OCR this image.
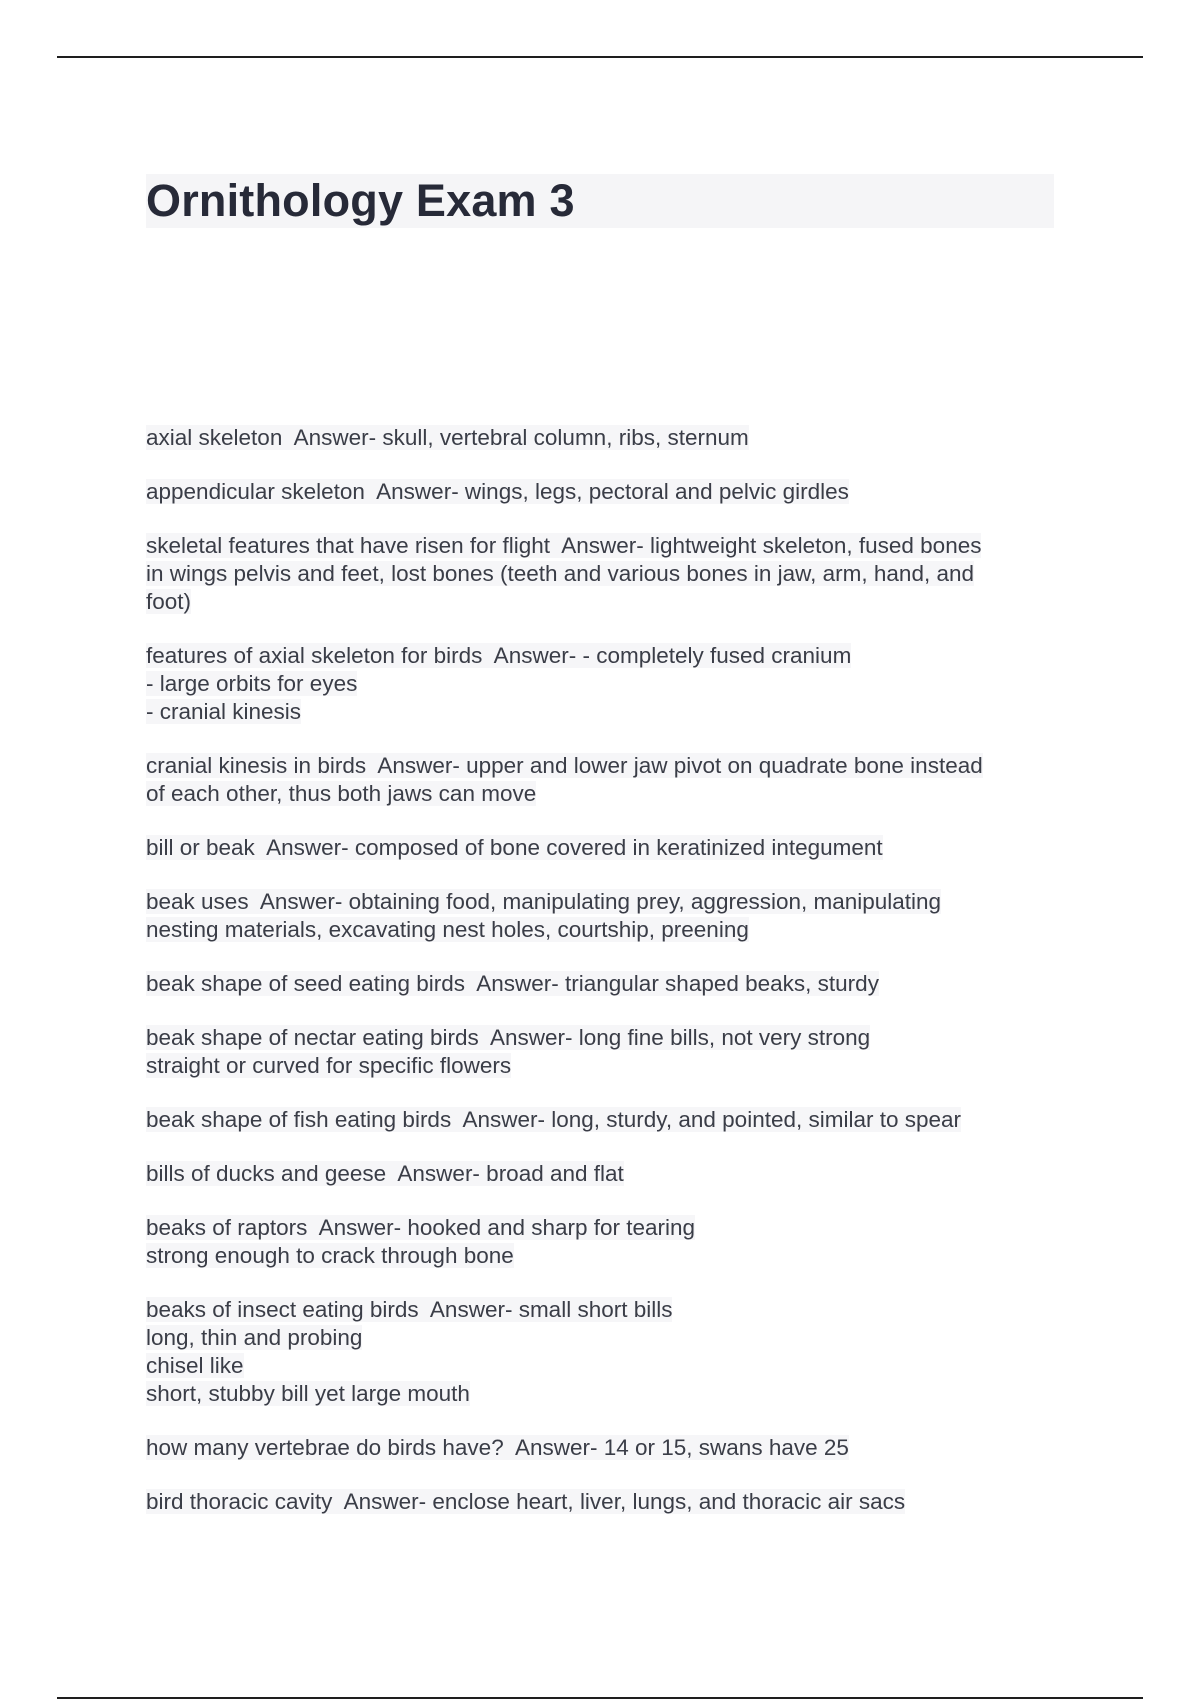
Ornithology Exam 3
axial skeleton  Answer- skull, vertebral column, ribs, sternum
appendicular skeleton  Answer- wings, legs, pectoral and pelvic girdles
skeletal features that have risen for flight  Answer- lightweight skeleton, fused bones
in wings pelvis and feet, lost bones (teeth and various bones in jaw, arm, hand, and
foot)
features of axial skeleton for birds  Answer- - completely fused cranium
- large orbits for eyes
- cranial kinesis
cranial kinesis in birds  Answer- upper and lower jaw pivot on quadrate bone instead
of each other, thus both jaws can move
bill or beak  Answer- composed of bone covered in keratinized integument
beak uses  Answer- obtaining food, manipulating prey, aggression, manipulating
nesting materials, excavating nest holes, courtship, preening
beak shape of seed eating birds  Answer- triangular shaped beaks, sturdy
beak shape of nectar eating birds  Answer- long fine bills, not very strong
straight or curved for specific flowers
beak shape of fish eating birds  Answer- long, sturdy, and pointed, similar to spear
bills of ducks and geese  Answer- broad and flat
beaks of raptors  Answer- hooked and sharp for tearing
strong enough to crack through bone
beaks of insect eating birds  Answer- small short bills
long, thin and probing
chisel like
short, stubby bill yet large mouth
how many vertebrae do birds have?  Answer- 14 or 15, swans have 25
bird thoracic cavity  Answer- enclose heart, liver, lungs, and thoracic air sacs
